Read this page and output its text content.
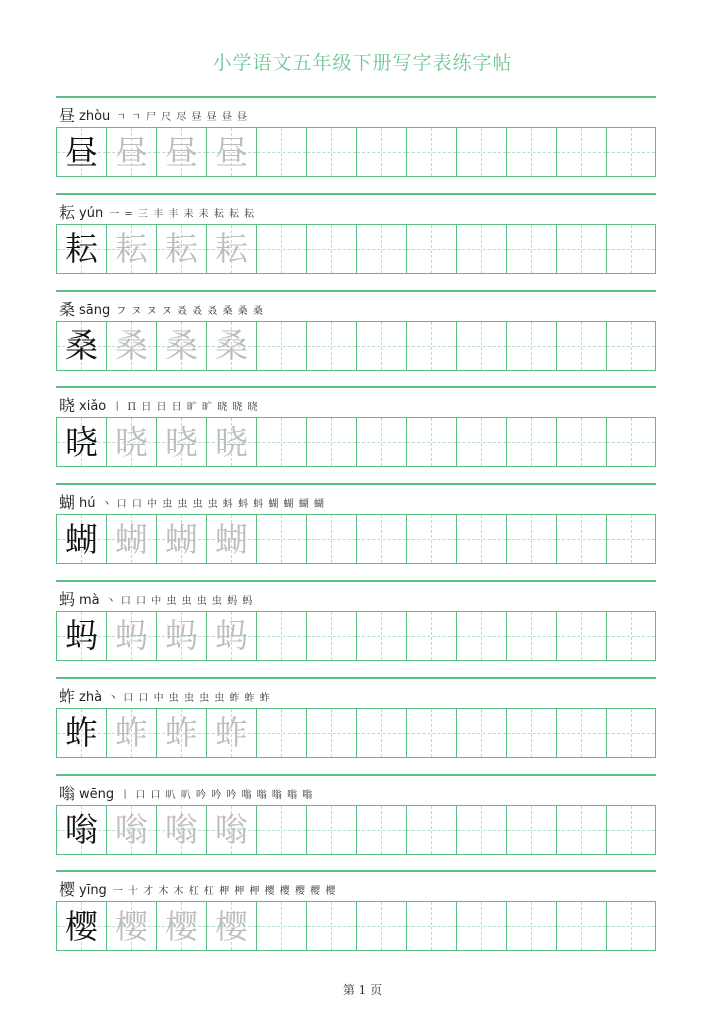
小学语文五年级下册写字表练字帖
昼 zhòu ㄱ ㄱ 尸 尺 尽 昼 昼 昼 昼
昼 昼 昼 昼
耘 yún 一 = 三 丰 丰 耒 耒 耘 耘 耘
耘 耘 耘 耘
桑 sāng フ ヌ ヌ ヌ 叒 叒 叒 桑 桑 桑
桑 桑 桑 桑
晓 xiǎo 丨 П 日 日 日 旷 旷 晓 晓 晓
晓 晓 晓 晓
蝴 hú 丶 口 口 中 虫 虫 虫 虫 蚪 蚪 蚪 蝴 蝴 蝴 蝴
蝴 蝴 蝴 蝴
蚂 mà 丶 口 口 中 虫 虫 虫 虫 蚂 蚂
蚂 蚂 蚂 蚂
蚱 zhà 丶 口 口 中 虫 虫 虫 虫 蚱 蚱 蚱
蚱 蚱 蚱 蚱
嗡 wēng 丨 口 口 叭 叭 吟 吟 吟 嗡 嗡 嗡 嗡 嗡
嗡 嗡 嗡 嗡
樱 yīng 一 十 才 木 木 杠 杠 柙 柙 柙 樱 樱 樱 樱 樱
樱 樱 樱 樱
第 1 页
